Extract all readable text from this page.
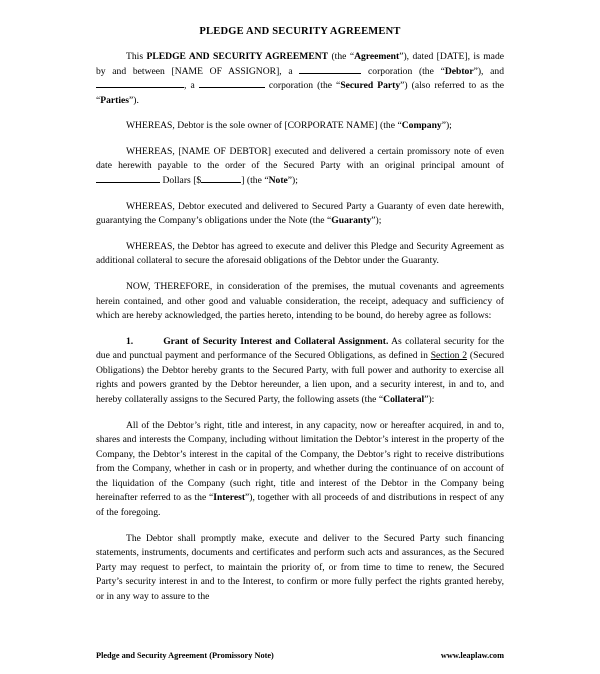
PLEDGE AND SECURITY AGREEMENT

This PLEDGE AND SECURITY AGREEMENT (the “Agreement”), dated [DATE], is made by and between [NAME OF ASSIGNOR], a	corporation (the “Debtor”), and , a	corporation (the “Secured Party”) (also referred to as the “Parties”).

WHEREAS, Debtor is the sole owner of [CORPORATE NAME] (the “Company”);

WHEREAS, [NAME OF DEBTOR] executed and delivered a certain promissory note of even date herewith payable to the order of the Secured Party with an original principal amount of  Dollars [$	] (the “Note”);

WHEREAS, Debtor executed and delivered to Secured Party a Guaranty of even date herewith, guarantying the Company’s obligations under the Note (the “Guaranty”);

WHEREAS, the Debtor has agreed to execute and deliver this Pledge and Security Agreement as additional collateral to secure the aforesaid obligations of the Debtor under the Guaranty.

NOW, THEREFORE, in consideration of the premises, the mutual covenants and agreements herein contained, and other good and valuable consideration, the receipt, adequacy and sufficiency of which are hereby acknowledged, the parties hereto, intending to be bound, do hereby agree as follows:

1.	Grant of Security Interest and Collateral Assignment. As collateral security for the due and punctual payment and performance of the Secured Obligations, as defined in Section 2 (Secured Obligations) the Debtor hereby grants to the Secured Party, with full power and authority to exercise all rights and powers granted by the Debtor hereunder, a lien upon, and a security interest, in and to, and hereby collaterally assigns to the Secured Party, the following assets (the “Collateral”):

All of the Debtor’s right, title and interest, in any capacity, now or hereafter acquired, in and to, shares and interests the Company, including without limitation the Debtor’s interest in the property of the Company, the Debtor’s interest in the capital of the Company, the Debtor’s right to receive distributions from the Company, whether in cash or in property, and whether during the continuance of on account of the liquidation of the Company (such right, title and interest of the Debtor in the Company being hereinafter referred to as the “Interest”), together with all proceeds of and distributions in respect of any of the foregoing.

The Debtor shall promptly make, execute and deliver to the Secured Party such financing statements, instruments, documents and certificates and perform such acts and assurances, as the Secured Party may request to perfect, to maintain the priority of, or from time to time to renew, the Secured Party’s security interest in and to the Interest, to confirm or more fully perfect the rights granted hereby, or in any way to assure to the

Pledge and Security Agreement (Promissory Note)	www.leaplaw.com
